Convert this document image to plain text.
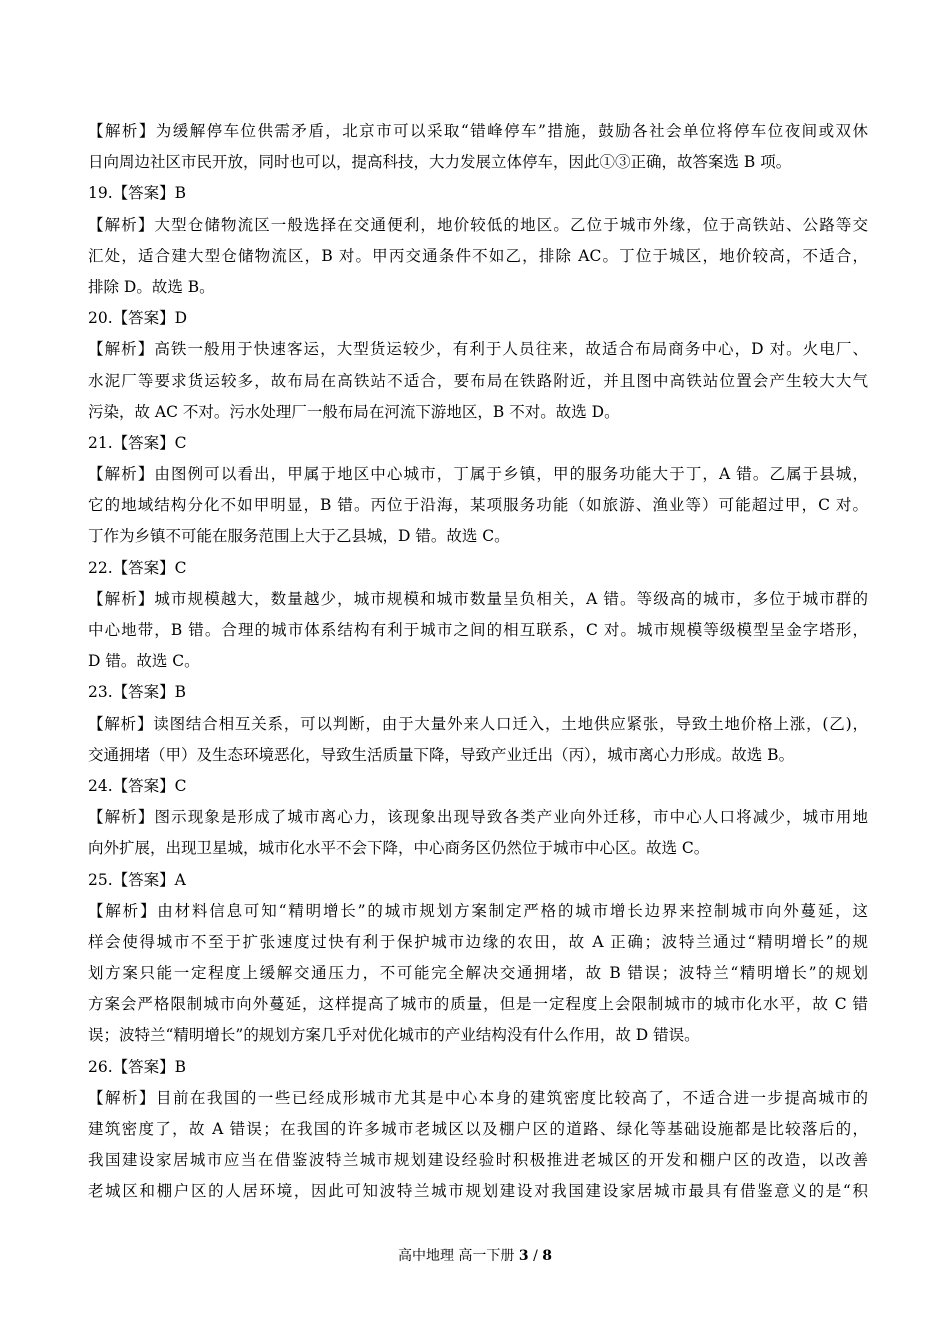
【解析】为缓解停车位供需矛盾，北京市可以采取“错峰停车”措施，鼓励各社会单位将停车位夜间或双休
日向周边社区市民开放，同时也可以，提高科技，大力发展立体停车，因此①③正确，故答案选 B 项。
19.【答案】B
【解析】大型仓储物流区一般选择在交通便利，地价较低的地区。乙位于城市外缘，位于高铁站、公路等交
汇处，适合建大型仓储物流区，B 对。甲丙交通条件不如乙，排除 AC。丁位于城区，地价较高，不适合，
排除 D。故选 B。
20.【答案】D
【解析】高铁一般用于快速客运，大型货运较少，有利于人员往来，故适合布局商务中心，D 对。火电厂、
水泥厂等要求货运较多，故布局在高铁站不适合，要布局在铁路附近，并且图中高铁站位置会产生较大大气
污染，故 AC 不对。污水处理厂一般布局在河流下游地区，B 不对。故选 D。
21.【答案】C
【解析】由图例可以看出，甲属于地区中心城市，丁属于乡镇，甲的服务功能大于丁，A 错。乙属于县城，
它的地域结构分化不如甲明显，B 错。丙位于沿海，某项服务功能（如旅游、渔业等）可能超过甲，C 对。
丁作为乡镇不可能在服务范围上大于乙县城，D 错。故选 C。
22.【答案】C
【解析】城市规模越大，数量越少，城市规模和城市数量呈负相关，A 错。等级高的城市，多位于城市群的
中心地带，B 错。合理的城市体系结构有利于城市之间的相互联系，C 对。城市规模等级模型呈金字塔形，
D 错。故选 C。
23.【答案】B
【解析】读图结合相互关系，可以判断，由于大量外来人口迁入，土地供应紧张，导致土地价格上涨，(乙)，
交通拥堵（甲）及生态环境恶化，导致生活质量下降，导致产业迁出（丙），城市离心力形成。故选 B。
24.【答案】C
【解析】图示现象是形成了城市离心力，该现象出现导致各类产业向外迁移，市中心人口将减少，城市用地
向外扩展，出现卫星城，城市化水平不会下降，中心商务区仍然位于城市中心区。故选 C。
25.【答案】A
【解析】由材料信息可知“精明增长”的城市规划方案制定严格的城市增长边界来控制城市向外蔓延，这
样会使得城市不至于扩张速度过快有利于保护城市边缘的农田，故 A 正确；波特兰通过“精明增长”的规
划方案只能一定程度上缓解交通压力，不可能完全解决交通拥堵，故 B 错误；波特兰“精明增长”的规划
方案会严格限制城市向外蔓延，这样提高了城市的质量，但是一定程度上会限制城市的城市化水平，故 C 错
误；波特兰“精明增长”的规划方案几乎对优化城市的产业结构没有什么作用，故 D 错误。
26.【答案】B
【解析】目前在我国的一些已经成形城市尤其是中心本身的建筑密度比较高了，不适合进一步提高城市的
建筑密度了，故 A 错误；在我国的许多城市老城区以及棚户区的道路、绿化等基础设施都是比较落后的，
我国建设家居城市应当在借鉴波特兰城市规划建设经验时积极推进老城区的开发和棚户区的改造，以改善
老城区和棚户区的人居环境，因此可知波特兰城市规划建设对我国建设家居城市最具有借鉴意义的是“积
高中地理 高一下册 3 / 8
